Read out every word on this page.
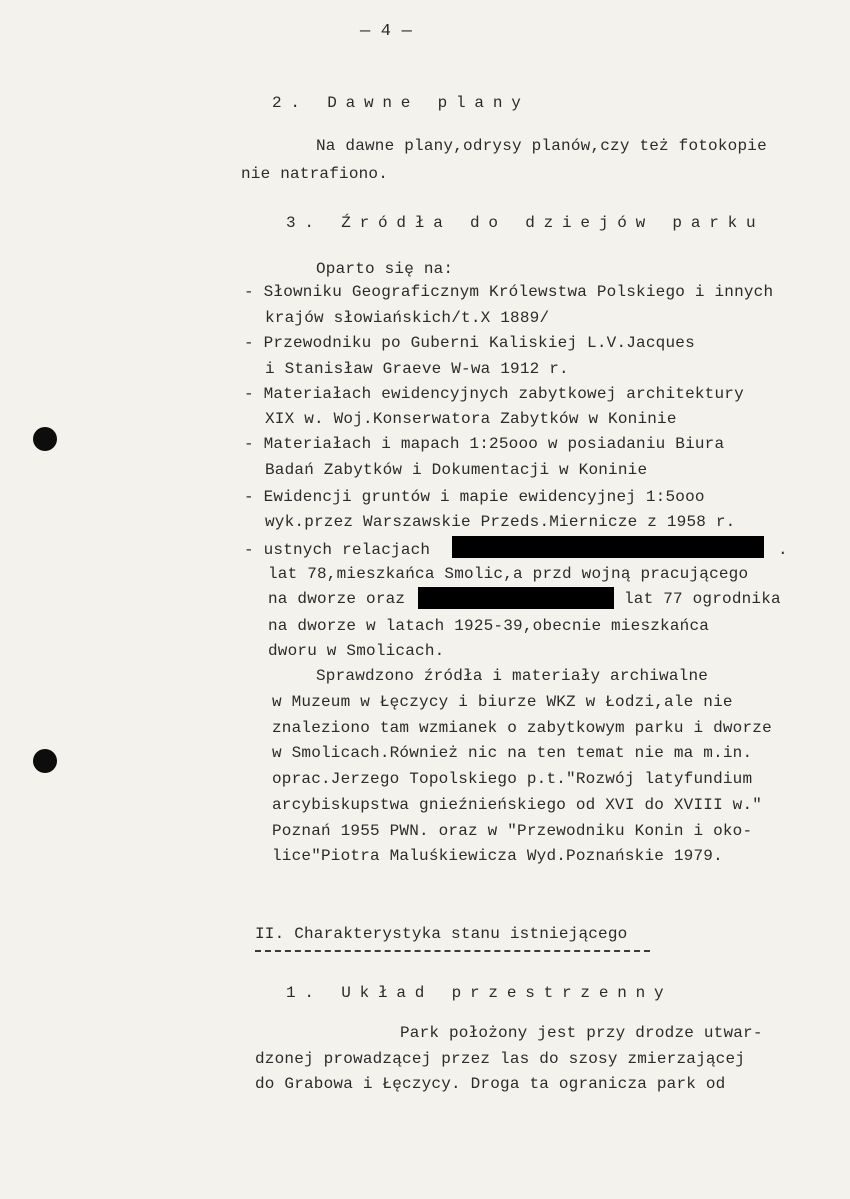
— 4 —
2. Dawne plany
Na dawne plany,odrysy planów,czy też fotokopie
nie natrafiono.
3. Źródła do dziejów parku
Oparto się na:
- Słowniku Geograficznym Królewstwa Polskiego i innych
krajów słowiańskich/t.X 1889/
- Przewodniku po Guberni Kaliskiej L.V.Jacques
i Stanisław Graeve W-wa 1912 r.
- Materiałach ewidencyjnych zabytkowej architektury
XIX w. Woj.Konserwatora Zabytków w Koninie
- Materiałach i mapach 1:25ooo w posiadaniu Biura
Badań Zabytków i Dokumentacji w Koninie
- Ewidencji gruntów i mapie ewidencyjnej 1:5ooo
wyk.przez Warszawskie Przeds.Miernicze z 1958 r.
- ustnych relacjach	.
lat 78,mieszkańca Smolic,a przd wojną pracującego
na dworze oraz	lat 77 ogrodnika
na dworze w latach 1925-39,obecnie mieszkańca
dworu w Smolicach.
Sprawdzono źródła i materiały archiwalne
w Muzeum w Łęczycy i biurze WKZ w Łodzi,ale nie
znaleziono tam wzmianek o zabytkowym parku i dworze
w Smolicach.Również nic na ten temat nie ma m.in.
oprac.Jerzego Topolskiego p.t."Rozwój latyfundium
arcybiskupstwa gnieźnieńskiego od XVI do XVIII w."
Poznań 1955 PWN. oraz w "Przewodniku Konin i oko-
lice"Piotra Maluśkiewicza Wyd.Poznańskie 1979.
II. Charakterystyka stanu istniejącego
1. Układ przestrzenny
Park położony jest przy drodze utwar-
dzonej prowadzącej przez las do szosy zmierzającej
do Grabowa i Łęczycy. Droga ta ogranicza park od
